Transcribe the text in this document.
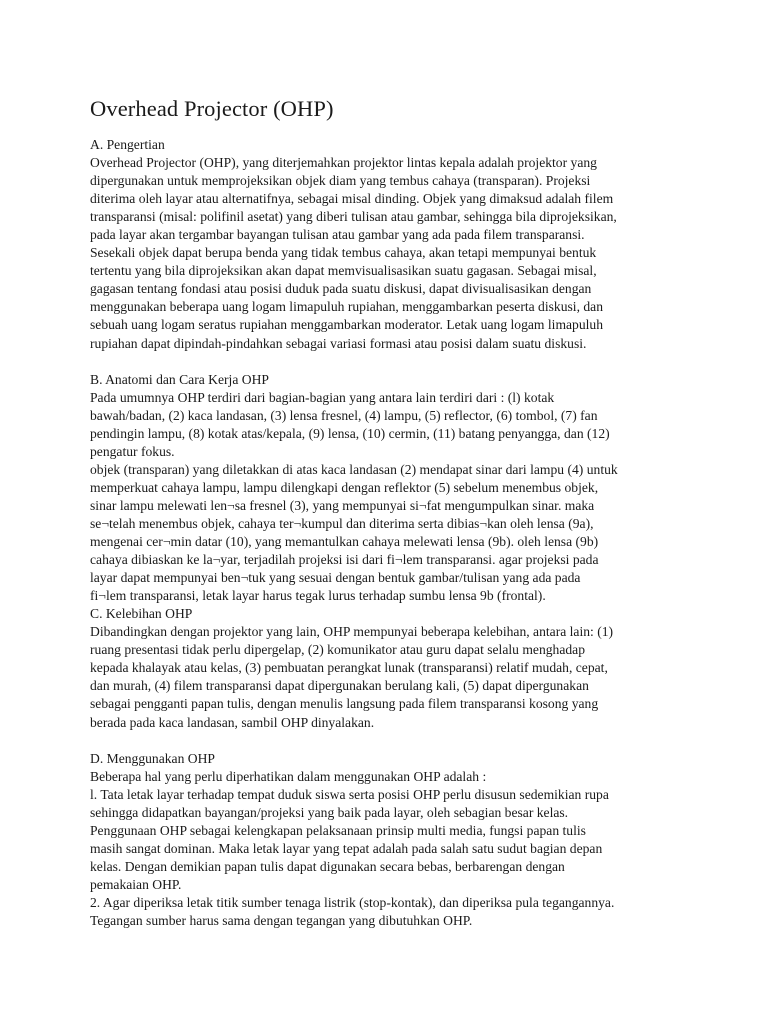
Overhead Projector (OHP)
A. Pengertian
Overhead Projector (OHP), yang diterjemahkan projektor lintas kepala adalah projektor yang
dipergunakan untuk memprojeksikan objek diam yang tembus cahaya (transparan). Projeksi
diterima oleh layar atau alternatifnya, sebagai misal dinding. Objek yang dimaksud adalah filem
transparansi (misal: polifinil asetat) yang diberi tulisan atau gambar, sehingga bila diprojeksikan,
pada layar akan tergambar bayangan tulisan atau gambar yang ada pada filem transparansi.
Sesekali objek dapat berupa benda yang tidak tembus cahaya, akan tetapi mempunyai bentuk
tertentu yang bila diprojeksikan akan dapat memvisualisasikan suatu gagasan. Sebagai misal,
gagasan tentang fondasi atau posisi duduk pada suatu diskusi, dapat divisualisasikan dengan
menggunakan beberapa uang logam limapuluh rupiahan, menggambarkan peserta diskusi, dan
sebuah uang logam seratus rupiahan menggambarkan moderator. Letak uang logam limapuluh
rupiahan dapat dipindah-pindahkan sebagai variasi formasi atau posisi dalam suatu diskusi.
B. Anatomi dan Cara Kerja OHP
Pada umumnya OHP terdiri dari bagian-bagian yang antara lain terdiri dari : (l) kotak
bawah/badan, (2) kaca landasan, (3) lensa fresnel, (4) lampu, (5) reflector, (6) tombol, (7) fan
pendingin lampu, (8) kotak atas/kepala, (9) lensa, (10) cermin, (11) batang penyangga, dan (12)
pengatur fokus.
objek (transparan) yang diletakkan di atas kaca landasan (2) mendapat sinar dari lampu (4) untuk
memperkuat cahaya lampu, lampu dilengkapi dengan reflektor (5) sebelum menembus objek,
sinar lampu melewati len¬sa fresnel (3), yang mempunyai si¬fat mengumpulkan sinar. maka
se¬telah menembus objek, cahaya ter¬kumpul dan diterima serta dibias¬kan oleh lensa (9a),
mengenai cer¬min datar (10), yang memantulkan cahaya melewati lensa (9b). oleh lensa (9b)
cahaya dibiaskan ke la¬yar, terjadilah projeksi isi dari fi¬lem transparansi. agar projeksi pada
layar dapat mempunyai ben¬tuk yang sesuai dengan bentuk gambar/tulisan yang ada pada
fi¬lem transparansi, letak layar harus tegak lurus terhadap sumbu lensa 9b (frontal).
C. Kelebihan OHP
Dibandingkan dengan projektor yang lain, OHP mempunyai beberapa kelebihan, antara lain: (1)
ruang presentasi tidak perlu dipergelap, (2) komunikator atau guru dapat selalu menghadap
kepada khalayak atau kelas, (3) pembuatan perangkat lunak (transparansi) relatif mudah, cepat,
dan murah, (4) filem transparansi dapat dipergunakan berulang kali, (5) dapat dipergunakan
sebagai pengganti papan tulis, dengan menulis langsung pada filem transparansi kosong yang
berada pada kaca landasan, sambil OHP dinyalakan.
D. Menggunakan OHP
Beberapa hal yang perlu diperhatikan dalam menggunakan OHP adalah :
l. Tata letak layar terhadap tempat duduk siswa serta posisi OHP perlu disusun sedemikian rupa
sehingga didapatkan bayangan/projeksi yang baik pada layar, oleh sebagian besar kelas.
Penggunaan OHP sebagai kelengkapan pelaksanaan prinsip multi media, fungsi papan tulis
masih sangat dominan. Maka letak layar yang tepat adalah pada salah satu sudut bagian depan
kelas. Dengan demikian papan tulis dapat digunakan secara bebas, berbarengan dengan
pemakaian OHP.
2. Agar diperiksa letak titik sumber tenaga listrik (stop-kontak), dan diperiksa pula tegangannya.
Tegangan sumber harus sama dengan tegangan yang dibutuhkan OHP.
